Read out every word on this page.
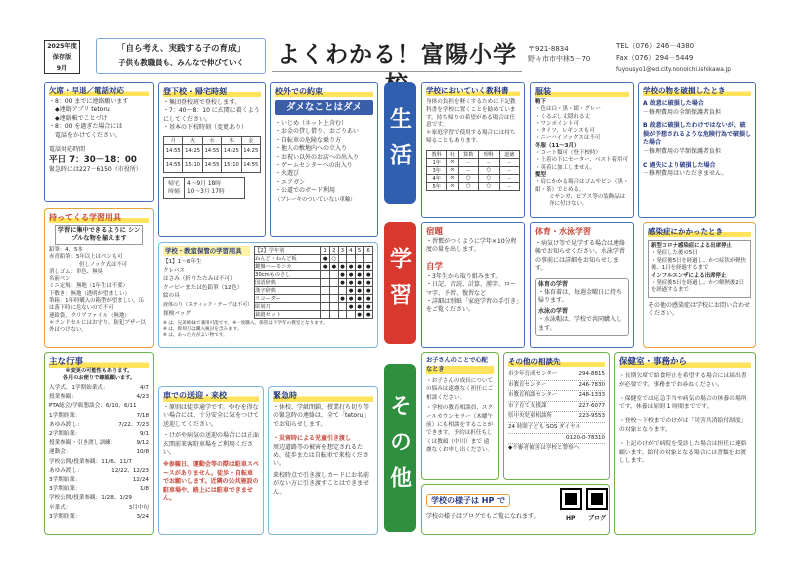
2025年度
保存版
9月
「自ら考え、実践する子の育成」
子供も教職員も、みんなで伸びていく	よくわかる！富陽小学	〒921-8834
野々市市中林5－70
TEL（076）246－4380
Fax（076）294－5449
fuyousyo1@ed.city.nonoichi.ishikawa.jp
生活
学習
その他
欠席・早退／電話対応
・8：00 までに連絡願います
◆連絡アプリ tetoru
◆連絡帳でことづけ
・8：00 を過ぎた場合には
電話をかけてください。
電話対応時間
平日 7：30－18：00
緊急時には227－6150（市役所）
登下校・帰宅時刻
・集団登校班で登校します。
・7：40～8：10 に玄関に着くようにしてください。
・基本の下校時刻（変更あり）
月	火	水	木	金
14:55	14:25	14:55	14:25	14:25
14:55	15:10	14:55	15:10	14:55
帰宅時刻
4～9月 18時
10～3月 17時
校外での約束
ダメなことはダメ
・いじめ（ネット上含む）
・お金の貸し借り、おごりあい
・自転車の危険な乗り方
・他人の敷地内への立入り
・お祝い以外のお店への出入り
・ゲームセンターへの出入り
・火遊び
・エアガン
・公道でのボード利用
（ブレーキのついていない車輪）
学校においていく教科書
身体の負担を軽くするために下記教科書を学校に置くことを勧めています。持ち帰りの希望がある場合は任意です。
＊家庭学習で使用する場合には持ち帰ることもあります。
教科	社	算数	理科	道徳
1年	×	－	－	－
3年	×	－	○	－
4年	×	○	○	－
5年	×	○	○	－
服装
鞄下
・色は白・黒・紺・グレー
・くるぶし丈隠れる丈
・ワンポイント可
・タイツ、レギンスも可
・ニーハイソックスは不可
冬服（11～3月）
・コート類可（登下校時）
・上着の下にセーター、ベスト着用可
・英着に加工しません。
髪型
・肩にかかる場合はゴムやピン（黒・紺・茶）でとめる。
ミサンガ、ピアス等の装飾品は身に付けない。
学校の物を破損したとき
A 故意に破損した場合
－修理費用の全額保護者負担
B 故意に破損したわけではないが、破損が予想されるような危険行為で破損した場合
－修理費用の半額保護者負担
C 過失により破損した場合
－修理費用はいただきません。
持ってくる学習用具
学習に集中できるように シンプルな物を揃えます
鉛筆：4、5本
赤青鉛筆：5年以上はペンも可
但しノック式は不可
消しゴム：単色、無臭
名前ペン
ミニ定規：無地（1年生は不要）
下敷き：無地（透明が望ましい）
筆箱：1年時購入の箱型が望ましい。缶は落下時に危ないので不可
連絡袋、クリアファイル（無地）
＊ランドセルにはお守り、防犯ブザー以外はつけない。
学校・教室保管の学習用具
【1】1～6年生
クレパス
はさみ（折りたたみは不可）
クーピーまたは色鉛筆（12色）
絵の具
液体のり（スティック・テープは不可）
探検バッグ
【2】学年別	1	2	3	4	5	6
ねんど・ねんど板	●	○				
鍵盤ハーモニカ	●	●	●	●	●	●
30cmものさし			●	●	●	●
国語辞典			●	●	●	●
漢字辞典				●	●	●
リコーダー			●	●	●	●
彫刻刀				●	●	●
裁縫セット					●	●
※ は、兄弟姉妹で兼用可能です。※一度購入、保管は下学年の教室となります。
※ は、彫刻刀は購入検討を含みます。
※ は、あった方がよい物です。
宿題
・習慣がつくように学年×10分程度の量を出します。
自学
・3年生から取り組みます。
・日記、音読、計算、漢字、ローマ字、予習、復習など
・詳細は別紙「家庭学習の手引き」をご覧ください。
体育・水泳学習
・病気け等で見学する場合は連絡帳でお知らせください。水泳学習の事前には詳細をお知らせします。
体育の学習
・体育着は、毎週金曜日に持ち帰ります。
水泳の学習
・水泳帽は、学校で共同購入します。
感染症にかかったとき
新型コロナ感染症による出席停止
・発症した後の5日
・発症後5日を経過し、かつ症状が軽快後、1日を経過するまで
インフルエンザによる出席停止
・発症後5日を経過し、かつ解熱後2日を経過するまで
その他の感染症は学校にお問い合わせください。
主な行事
※変更の可能性もあります。
各月のお便りで確認願います。
入学式、1学期始業式：	4/7
授業参観：	4/23
PTA総会/学級懇談会：6/10、6/11
1学期終業：	7/18
あゆみ渡し：	7/22、7/23
2学期始業：	9/1
授業参観・引き渡し訓練：	9/12
運動会：	10/8
学校公開/授業参観：11/6、11/7
あゆみ渡し：	12/22、12/23
3学期始業：	12/24
3学期始業：	1/8
学校公開/授業参観：1/28、1/29
卒業式：	3月中旬
3学期終業：	3/24
車での送迎・来校
・原則は徒歩通学です。やむを得ない場合には、十分安全に気をつけて送迎してください。
・けがや病気の送迎の場合には正面玄関前来客駐車場をご利用ください。
※参観日、運動会等の際は駐車スペースがありません。徒歩・自転車でお願いします。近隣の公共施設の駐車場や、路上には駐車できません。
緊急時
・休校、学級閉鎖、授業打ち切り等の緊急時の連絡は、全て「tetoru」でお知らせします。
・災害時による児童引き渡し
周辺道路等の被害を想定されるため、徒歩または自転車で来校ください。
来校時点で引き渡しカードにお名前がない方に引き渡すことはできません。
お子さんのことで心配なとき
・お子さんの成長についての悩みは遠慮なく担任にご相談ください。
・学校の教育相談員、スクールカウンセラー（木曜午前）にも相談をすることができます。予約は担任もしくは教頭（中川）まで 遠慮なくお申し出ください。
その他の相談先
市少年育成センター	294-8815
市教育センター	246-7830
市教育相談センター	248-1333
市子育て支援課	227-6077
県中央児童相談所	223-9553
24 時間子ども SOS ダイヤル
0120-0-78310
◆不審者被害は学校と警察へ
保健室・事務から
・長期欠席で給食停止を希望する場合には届出書が必要です。事務までお尋ねください。
・保健室では応急手当や病気の場合の休養の場所です。休養は原則 1 時間までです。
・登校～下校までのけがは「災害共済給付制度」の対象となります。
・上記のけがで病院を受診した場合は担任に連絡願います。給付の対象となる場合には書類をお渡しします。
学校の様子は HP で
学校の様子はブログでもご覧になれます。	HP ブログ
